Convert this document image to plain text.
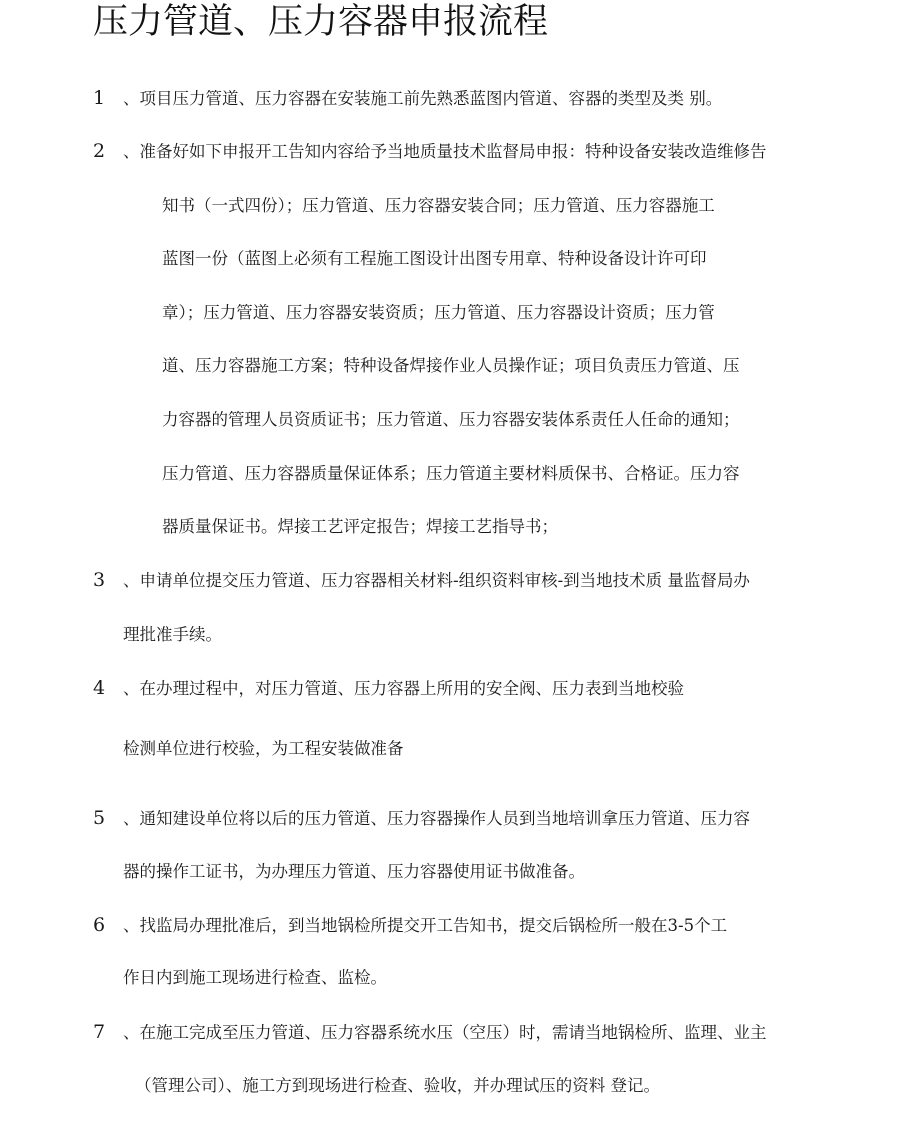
压力管道、压力容器申报流程
1 、项目压力管道、压力容器在安装施工前先熟悉蓝图内管道、容器的类型及类 别。
2 、准备好如下申报开工告知内容给予当地质量技术监督局申报：特种设备安装改造维修告
知书（一式四份）；压力管道、压力容器安装合同；压力管道、压力容器施工
蓝图一份（蓝图上必须有工程施工图设计出图专用章、特种设备设计许可印
章）；压力管道、压力容器安装资质；压力管道、压力容器设计资质；压力管
道、压力容器施工方案；特种设备焊接作业人员操作证；项目负责压力管道、压
力容器的管理人员资质证书；压力管道、压力容器安装体系责任人任命的通知；
压力管道、压力容器质量保证体系；压力管道主要材料质保书、合格证。压力容
器质量保证书。焊接工艺评定报告；焊接工艺指导书；
3 、申请单位提交压力管道、压力容器相关材料-组织资料审核-到当地技术质 量监督局办
理批准手续。
4 、在办理过程中，对压力管道、压力容器上所用的安全阀、压力表到当地校验
检测单位进行校验，为工程安装做准备
5 、通知建设单位将以后的压力管道、压力容器操作人员到当地培训拿压力管道、压力容
器的操作工证书，为办理压力管道、压力容器使用证书做准备。
6 、找监局办理批准后，到当地锅检所提交开工告知书，提交后锅检所一般在3-5个工
作日内到施工现场进行检查、监检。
7 、在施工完成至压力管道、压力容器系统水压（空压）时，需请当地锅检所、监理、业主
（管理公司）、施工方到现场进行检查、验收，并办理试压的资料 登记。
